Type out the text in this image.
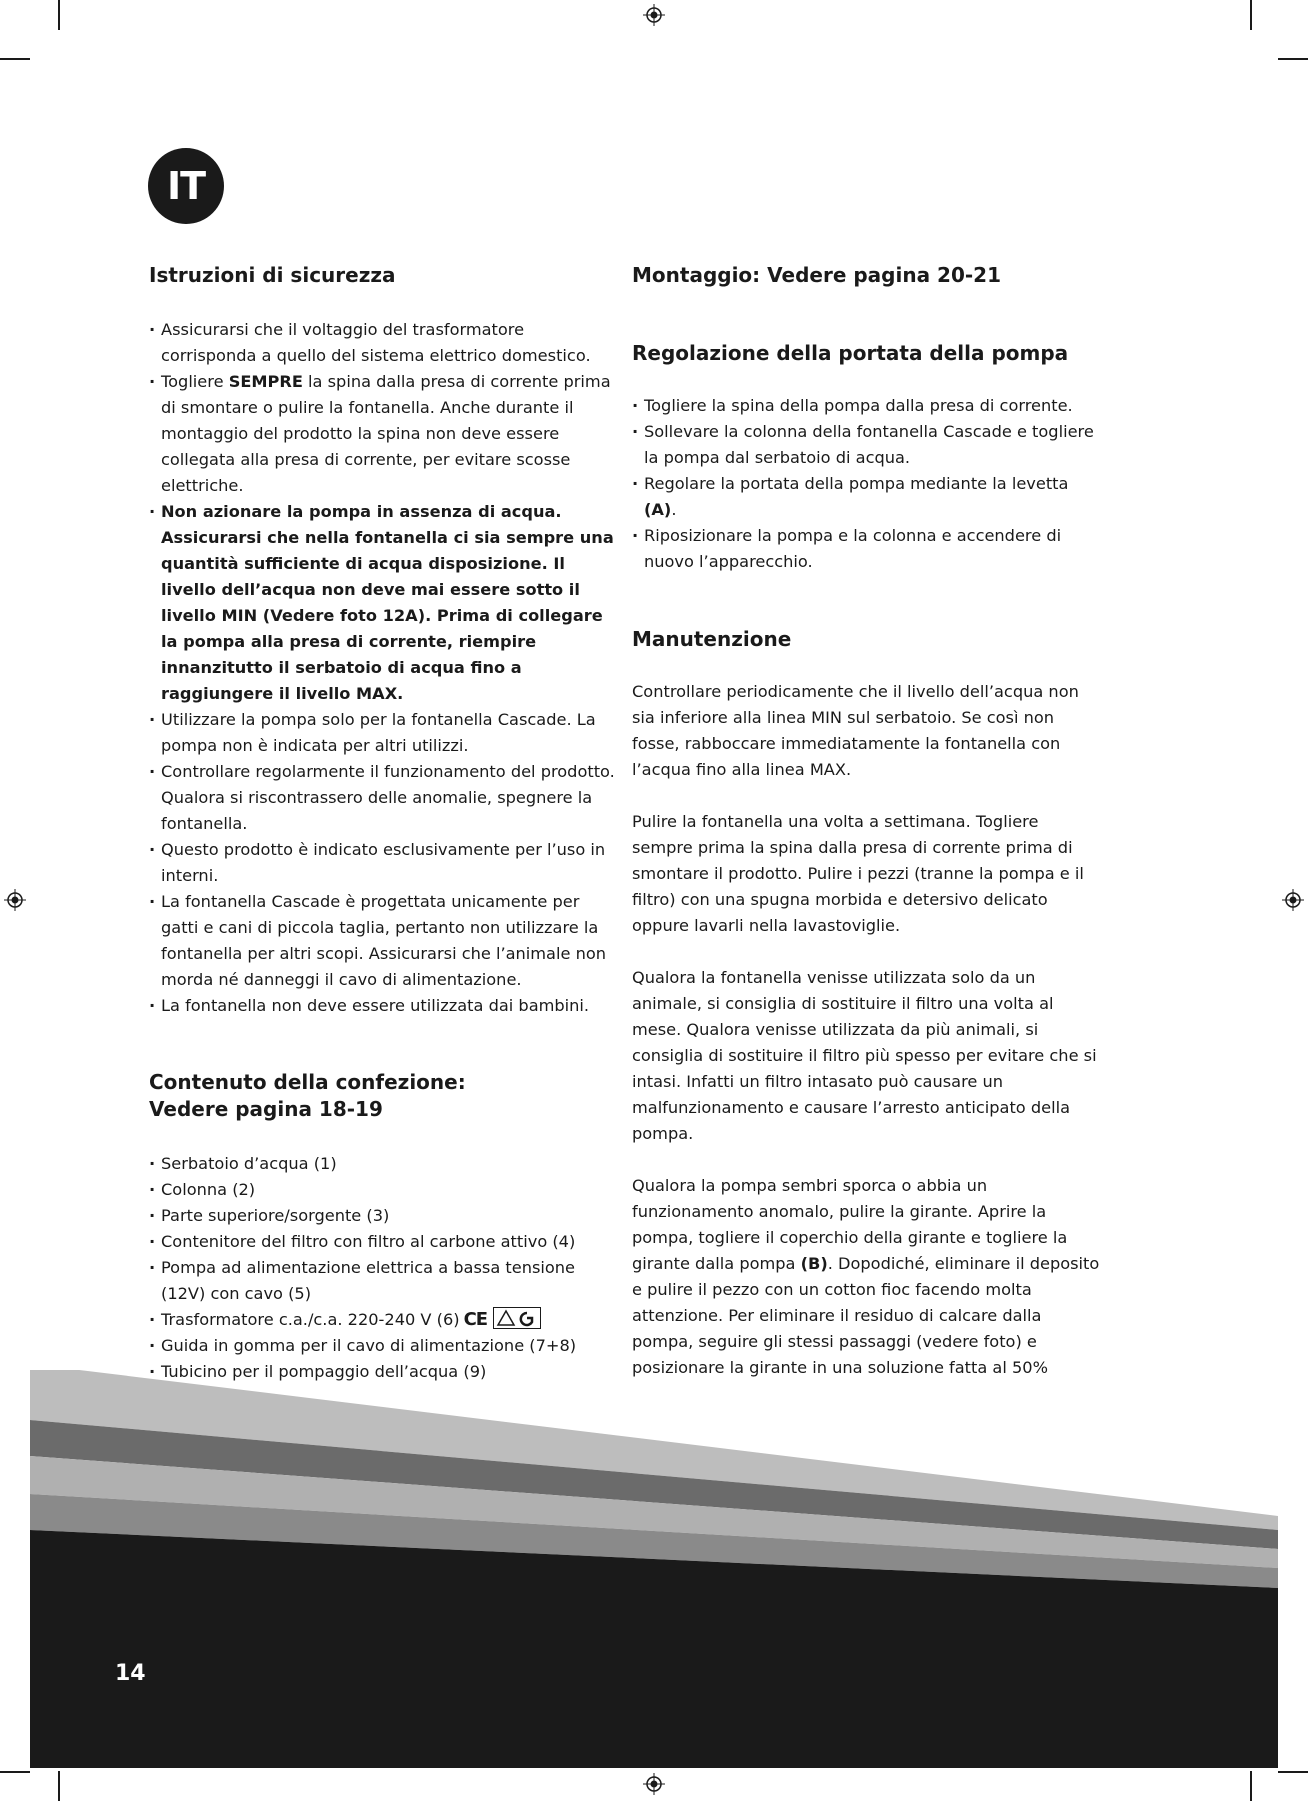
IT
Istruzioni di sicurezza
· Assicurarsi che il voltaggio del trasformatore corrisponda a quello del sistema elettrico domestico.
· Togliere SEMPRE la spina dalla presa di corrente prima di smontare o pulire la fontanella. Anche durante il montaggio del prodotto la spina non deve essere collegata alla presa di corrente, per evitare scosse elettriche.
· Non azionare la pompa in assenza di acqua. Assicurarsi che nella fontanella ci sia sempre una quantità sufficiente di acqua disposizione. Il livello dell’acqua non deve mai essere sotto il livello MIN (Vedere foto 12A). Prima di collegare la pompa alla presa di corrente, riempire innanzitutto il serbatoio di acqua fino a raggiungere il livello MAX.
· Utilizzare la pompa solo per la fontanella Cascade. La pompa non è indicata per altri utilizzi.
· Controllare regolarmente il funzionamento del prodotto. Qualora si riscontrassero delle anomalie, spegnere la fontanella.
· Questo prodotto è indicato esclusivamente per l’uso in interni.
· La fontanella Cascade è progettata unicamente per gatti e cani di piccola taglia, pertanto non utilizzare la fontanella per altri scopi. Assicurarsi che l’animale non morda né danneggi il cavo di alimentazione.
· La fontanella non deve essere utilizzata dai bambini.
Contenuto della confezione:
Vedere pagina 18-19
· Serbatoio d’acqua (1)
· Colonna (2)
· Parte superiore/sorgente (3)
· Contenitore del filtro con filtro al carbone attivo (4)
· Pompa ad alimentazione elettrica a bassa tensione (12V) con cavo (5)
· Trasformatore c.a./c.a. 220-240 V (6) CE
· Guida in gomma per il cavo di alimentazione (7+8)
· Tubicino per il pompaggio dell’acqua (9)
Montaggio: Vedere pagina 20-21
Regolazione della portata della pompa
· Togliere la spina della pompa dalla presa di corrente.
· Sollevare la colonna della fontanella Cascade e togliere la pompa dal serbatoio di acqua.
· Regolare la portata della pompa mediante la levetta (A).
· Riposizionare la pompa e la colonna e accendere di nuovo l’apparecchio.
Manutenzione

Controllare periodicamente che il livello dell’acqua non sia inferiore alla linea MIN sul serbatoio. Se così non fosse, rabboccare immediatamente la fontanella con l’acqua fino alla linea MAX.

Pulire la fontanella una volta a settimana. Togliere sempre prima la spina dalla presa di corrente prima di smontare il prodotto. Pulire i pezzi (tranne la pompa e il filtro) con una spugna morbida e detersivo delicato oppure lavarli nella lavastoviglie.

Qualora la fontanella venisse utilizzata solo da un animale, si consiglia di sostituire il filtro una volta al mese. Qualora venisse utilizzata da più animali, si consiglia di sostituire il filtro più spesso per evitare che si intasi. Infatti un filtro intasato può causare un malfunzionamento e causare l’arresto anticipato della pompa.

Qualora la pompa sembri sporca o abbia un funzionamento anomalo, pulire la girante. Aprire la pompa, togliere il coperchio della girante e togliere la girante dalla pompa (B). Dopodiché, eliminare il deposito e pulire il pezzo con un cotton fioc facendo molta attenzione. Per eliminare il residuo di calcare dalla pompa, seguire gli stessi passaggi (vedere foto) e posizionare la girante in una soluzione fatta al 50%

14
